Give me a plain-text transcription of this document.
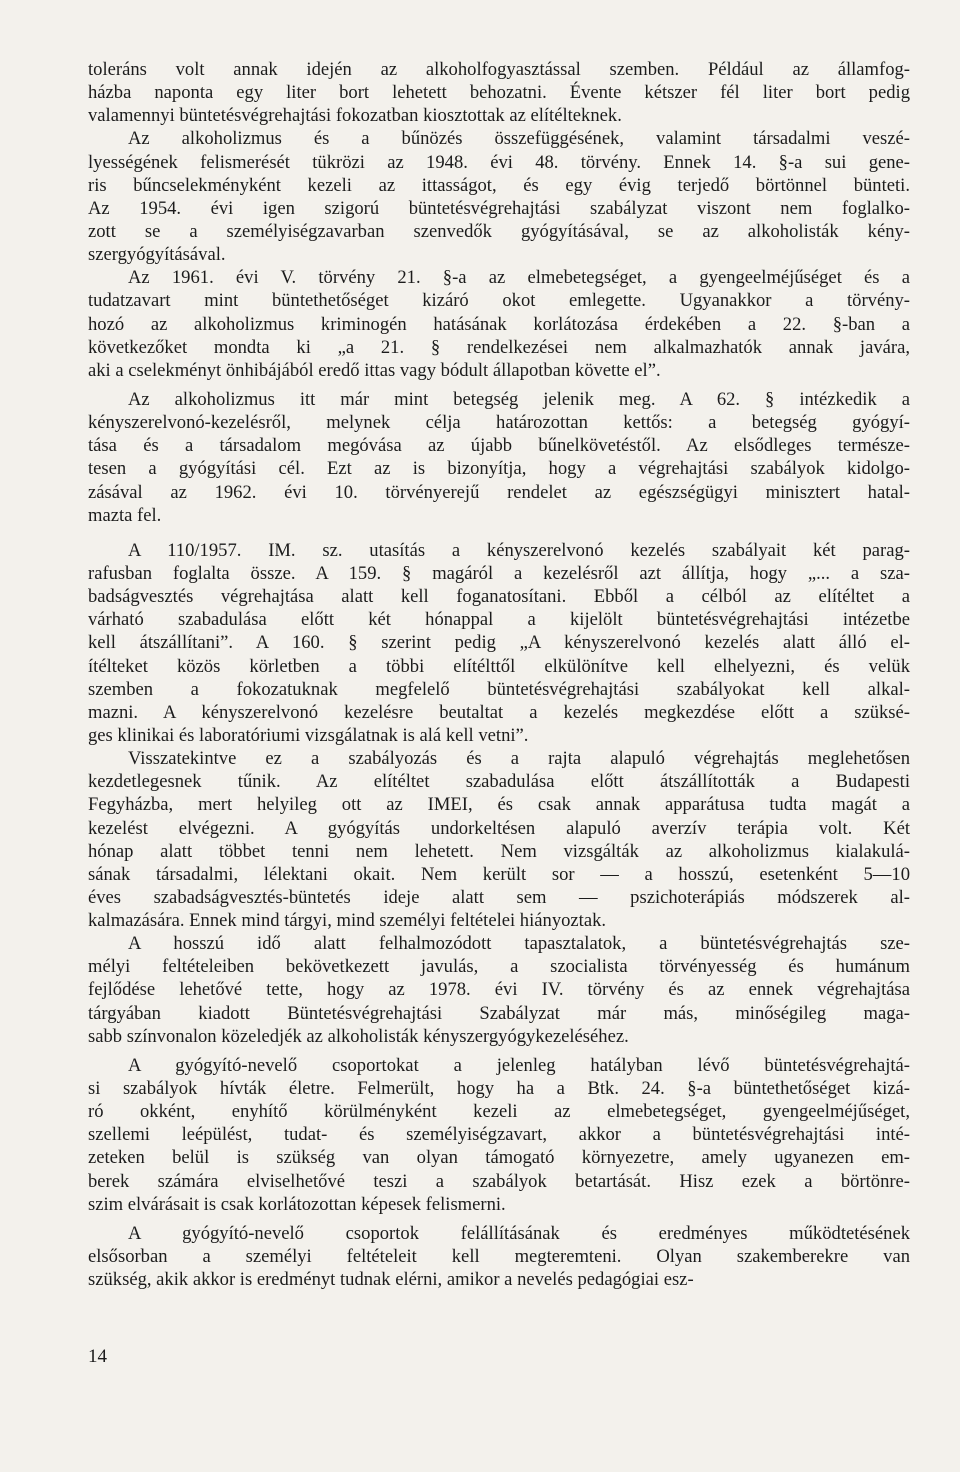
toleráns volt annak idején az alkoholfogyasztással szemben. Például az államfog-
házba naponta egy liter bort lehetett behozatni. Évente kétszer fél liter bort pedig
valamennyi büntetésvégrehajtási fokozatban kiosztottak az elítélteknek.
Az alkoholizmus és a bűnözés összefüggésének, valamint társadalmi veszé-
lyességének felismerését tükrözi az 1948. évi 48. törvény. Ennek 14. §-a sui gene-
ris bűncselekményként kezeli az ittasságot, és egy évig terjedő börtönnel bünteti.
Az 1954. évi igen szigorú büntetésvégrehajtási szabályzat viszont nem foglalko-
zott se a személyiségzavarban szenvedők gyógyításával, se az alkoholisták kény-
szergyógyításával.
Az 1961. évi V. törvény 21. §-a az elmebetegséget, a gyengeelméjűséget és a
tudatzavart mint büntethetőséget kizáró okot emlegette. Ugyanakkor a törvény-
hozó az alkoholizmus kriminogén hatásának korlátozása érdekében a 22. §-ban a
következőket mondta ki „a 21. § rendelkezései nem alkalmazhatók annak javára,
aki a cselekményt önhibájából eredő ittas vagy bódult állapotban követte el”.
Az alkoholizmus itt már mint betegség jelenik meg. A 62. § intézkedik a
kényszerelvonó-kezelésről, melynek célja határozottan kettős: a betegség gyógyí-
tása és a társadalom megóvása az újabb bűnelkövetéstől. Az elsődleges természe-
tesen a gyógyítási cél. Ezt az is bizonyítja, hogy a végrehajtási szabályok kidolgo-
zásával az 1962. évi 10. törvényerejű rendelet az egészségügyi minisztert hatal-
mazta fel.
A 110/1957. IM. sz. utasítás a kényszerelvonó kezelés szabályait két parag-
rafusban foglalta össze. A 159. § magáról a kezelésről azt állítja, hogy „... a sza-
badságvesztés végrehajtása alatt kell foganatosítani. Ebből a célból az elítéltet a
várható szabadulása előtt két hónappal a kijelölt büntetésvégrehajtási intézetbe
kell átszállítani”. A 160. § szerint pedig „A kényszerelvonó kezelés alatt álló el-
ítélteket közös körletben a többi elítélttől elkülönítve kell elhelyezni, és velük
szemben a fokozatuknak megfelelő büntetésvégrehajtási szabályokat kell alkal-
mazni. A kényszerelvonó kezelésre beutaltat a kezelés megkezdése előtt a szüksé-
ges klinikai és laboratóriumi vizsgálatnak is alá kell vetni”.
Visszatekintve ez a szabályozás és a rajta alapuló végrehajtás meglehetősen
kezdetlegesnek tűnik. Az elítéltet szabadulása előtt átszállították a Budapesti
Fegyházba, mert helyileg ott az IMEI, és csak annak apparátusa tudta magát a
kezelést elvégezni. A gyógyítás undorkeltésen alapuló averzív terápia volt. Két
hónap alatt többet tenni nem lehetett. Nem vizsgálták az alkoholizmus kialakulá-
sának társadalmi, lélektani okait. Nem került sor — a hosszú, esetenként 5—10
éves szabadságvesztés-büntetés ideje alatt sem — pszichoterápiás módszerek al-
kalmazására. Ennek mind tárgyi, mind személyi feltételei hiányoztak.
A hosszú idő alatt felhalmozódott tapasztalatok, a büntetésvégrehajtás sze-
mélyi feltételeiben bekövetkezett javulás, a szocialista törvényesség és humánum
fejlődése lehetővé tette, hogy az 1978. évi IV. törvény és az ennek végrehajtása
tárgyában kiadott Büntetésvégrehajtási Szabályzat már más, minőségileg maga-
sabb színvonalon közeledjék az alkoholisták kényszergyógykezeléséhez.
A gyógyító-nevelő csoportokat a jelenleg hatályban lévő büntetésvégrehajtá-
si szabályok hívták életre. Felmerült, hogy ha a Btk. 24. §-a büntethetőséget kizá-
ró okként, enyhítő körülményként kezeli az elmebetegséget, gyengeelméjűséget,
szellemi leépülést, tudat- és személyiségzavart, akkor a büntetésvégrehajtási inté-
zeteken belül is szükség van olyan támogató környezetre, amely ugyanezen em-
berek számára elviselhetővé teszi a szabályok betartását. Hisz ezek a börtönre-
szim elvárásait is csak korlátozottan képesek felismerni.
A gyógyító-nevelő csoportok felállításának és eredményes működtetésének
elsősorban a személyi feltételeit kell megteremteni. Olyan szakemberekre van
szükség, akik akkor is eredményt tudnak elérni, amikor a nevelés pedagógiai esz-
14
